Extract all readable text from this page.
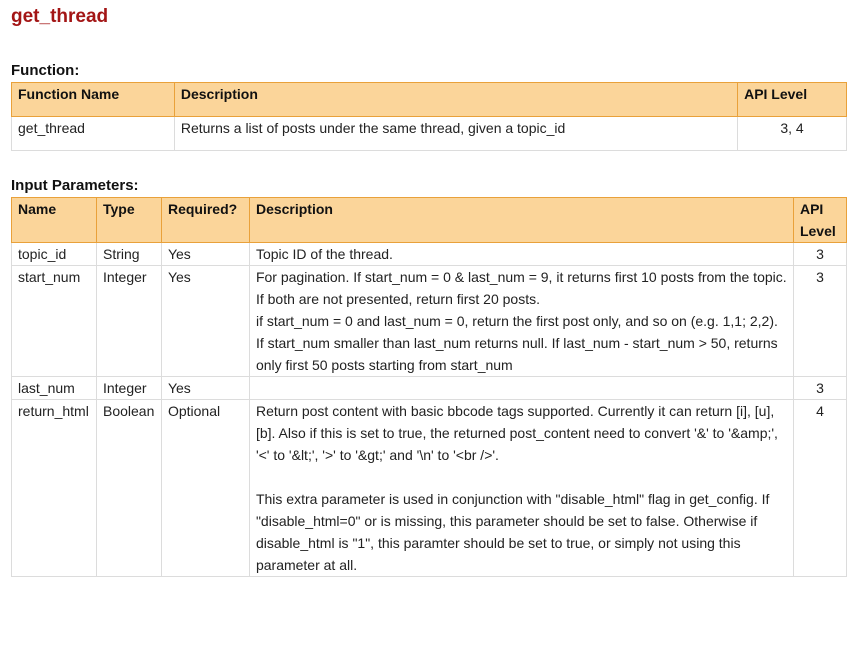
get_thread
Function:
Function Name	Description	API Level
get_thread	Returns a list of posts under the same thread, given a topic_id	3, 4
Input Parameters:
Name	Type	Required?	Description	API
Level
topic_id	String	Yes	Topic ID of the thread.	3
start_num	Integer	Yes	For pagination. If start_num = 0 & last_num = 9, it returns first 10 posts from the topic. If both are not presented, return first 20 posts.
if start_num = 0 and last_num = 0, return the first post only, and so on (e.g. 1,1; 2,2). If start_num smaller than last_num returns null. If last_num - start_num > 50, returns only first 50 posts starting from start_num	3
last_num	Integer	Yes		3
return_html	Boolean	Optional	Return post content with basic bbcode tags supported. Currently it can return [i], [u], [b]. Also if this is set to true, the returned post_content need to convert '&' to '&amp;', '<' to '&lt;', '>' to '&gt;' and '\n' to '<br />'.
This extra parameter is used in conjunction with "disable_html" flag in get_config. If "disable_html=0" or is missing, this parameter should be set to false. Otherwise if disable_html is "1", this paramter should be set to true, or simply not using this parameter at all.	4
